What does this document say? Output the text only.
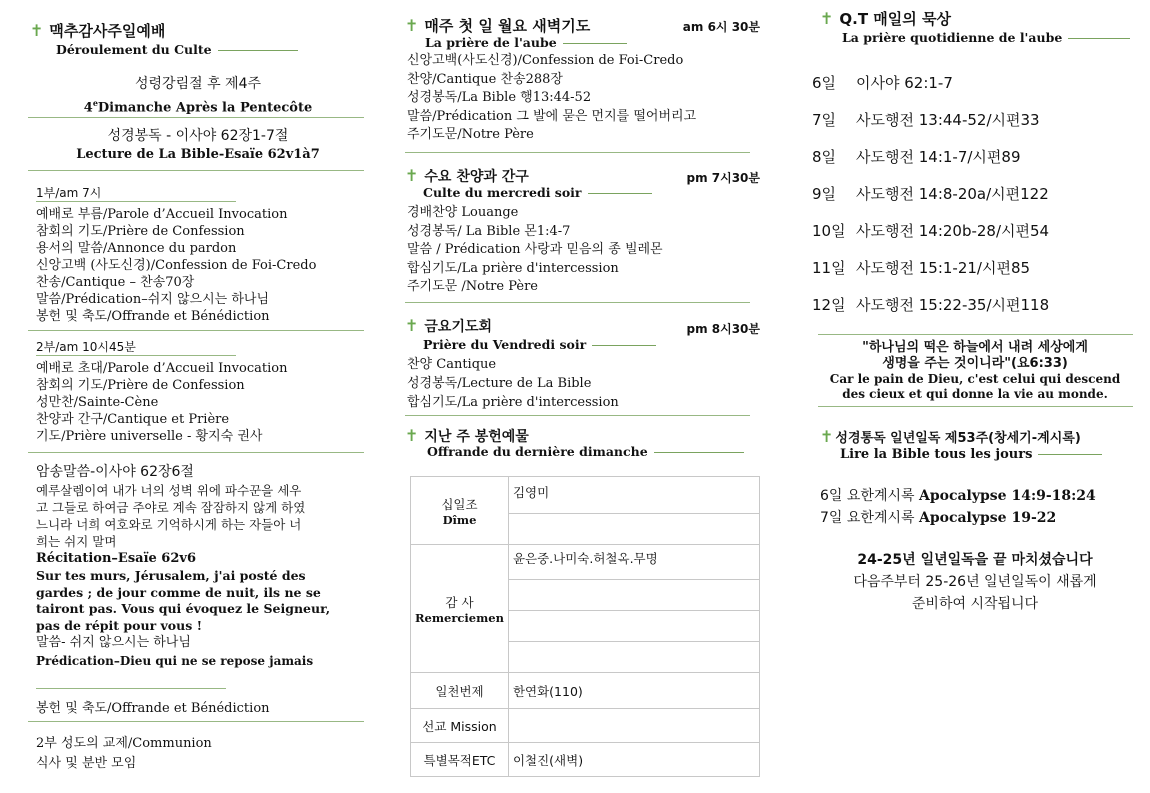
✝ 맥추감사주일예배
Déroulement du Culte
성령강림절 후 제4주
4eDimanche Après la Pentecôte
성경봉독 - 이사야 62장1-7절
Lecture de La Bible-Esaïe 62v1à7
1부/am 7시
예배로 부름/Parole d’Accueil Invocation
참회의 기도/Prière de Confession
용서의 말씀/Annonce du pardon
신앙고백 (사도신경)/Confession de Foi-Credo
찬송/Cantique – 찬송70장
말씀/Prédication–쉬지 않으시는 하나님
봉헌 및 축도/Offrande et Bénédiction
2부/am 10시45분
예배로 초대/Parole d’Accueil Invocation
참회의 기도/Prière de Confession
성만찬/Sainte-Cène
찬양과 간구/Cantique et Prière
기도/Prière universelle - 황지숙 권사
암송말씀-이사야 62장6절
예루살렘이여 내가 너의 성벽 위에 파수꾼을 세우
고 그들로 하여금 주야로 계속 잠잠하지 않게 하였
느니라 너희 여호와로 기억하시게 하는 자들아 너
희는 쉬지 말며
Récitation–Esaïe 62v6
Sur tes murs, Jérusalem, j'ai posté des
gardes ; de jour comme de nuit, ils ne se
tairont pas. Vous qui évoquez le Seigneur,
pas de répit pour vous !
말씀- 쉬지 않으시는 하나님
Prédication–Dieu qui ne se repose jamais
봉헌 및 축도/Offrande et Bénédiction
2부 성도의 교제/Communion
식사 및 분반 모임
✝ 매주 첫 일 월요 새벽기도	am 6시 30분
La prière de l'aube
신앙고백(사도신경)/Confession de Foi-Credo
찬양/Cantique 찬송288장
성경봉독/La Bible 행13:44-52
말씀/Prédication 그 발에 묻은 먼지를 떨어버리고
주기도문/Notre Père
✝ 수요 찬양과 간구	pm 7시30분
Culte du mercredi soir
경배찬양 Louange
성경봉독/ La Bible 몬1:4-7
말씀 / Prédication 사랑과 믿음의 종 빌레몬
합심기도/La prière d'intercession
주기도문 /Notre Père
✝ 금요기도회	pm 8시30분
Prière du Vendredi soir
찬양 Cantique
성경봉독/Lecture de La Bible
합심기도/La prière d'intercession
✝ 지난 주 봉헌예물
Offrande du dernière dimanche
십일조
Dîme	김영미

감 사
Remerciemen	윤은중.나미숙.허철옥.무명

일천번제	한연화(110)
선교 Mission	
특별목적ETC	이철진(새벽)
✝ Q.T 매일의 묵상
La prière quotidienne de l'aube
6일 이사야 62:1-7
7일 사도행전 13:44-52/시편33
8일 사도행전 14:1-7/시편89
9일 사도행전 14:8-20a/시편122
10일 사도행전 14:20b-28/시편54
11일 사도행전 15:1-21/시편85
12일 사도행전 15:22-35/시편118
"하나님의 떡은 하늘에서 내려 세상에게
생명을 주는 것이니라"(요6:33)
Car le pain de Dieu, c'est celui qui descend
des cieux et qui donne la vie au monde.
✝ 성경통독 일년일독 제53주(창세기-계시록)
Lire la Bible tous les jours
6일 요한계시록 Apocalypse 14:9-18:24
7일 요한계시록 Apocalypse 19-22
24-25년 일년일독을 끝 마치셨습니다
다음주부터 25-26년 일년일독이 새롭게
준비하여 시작됩니다
